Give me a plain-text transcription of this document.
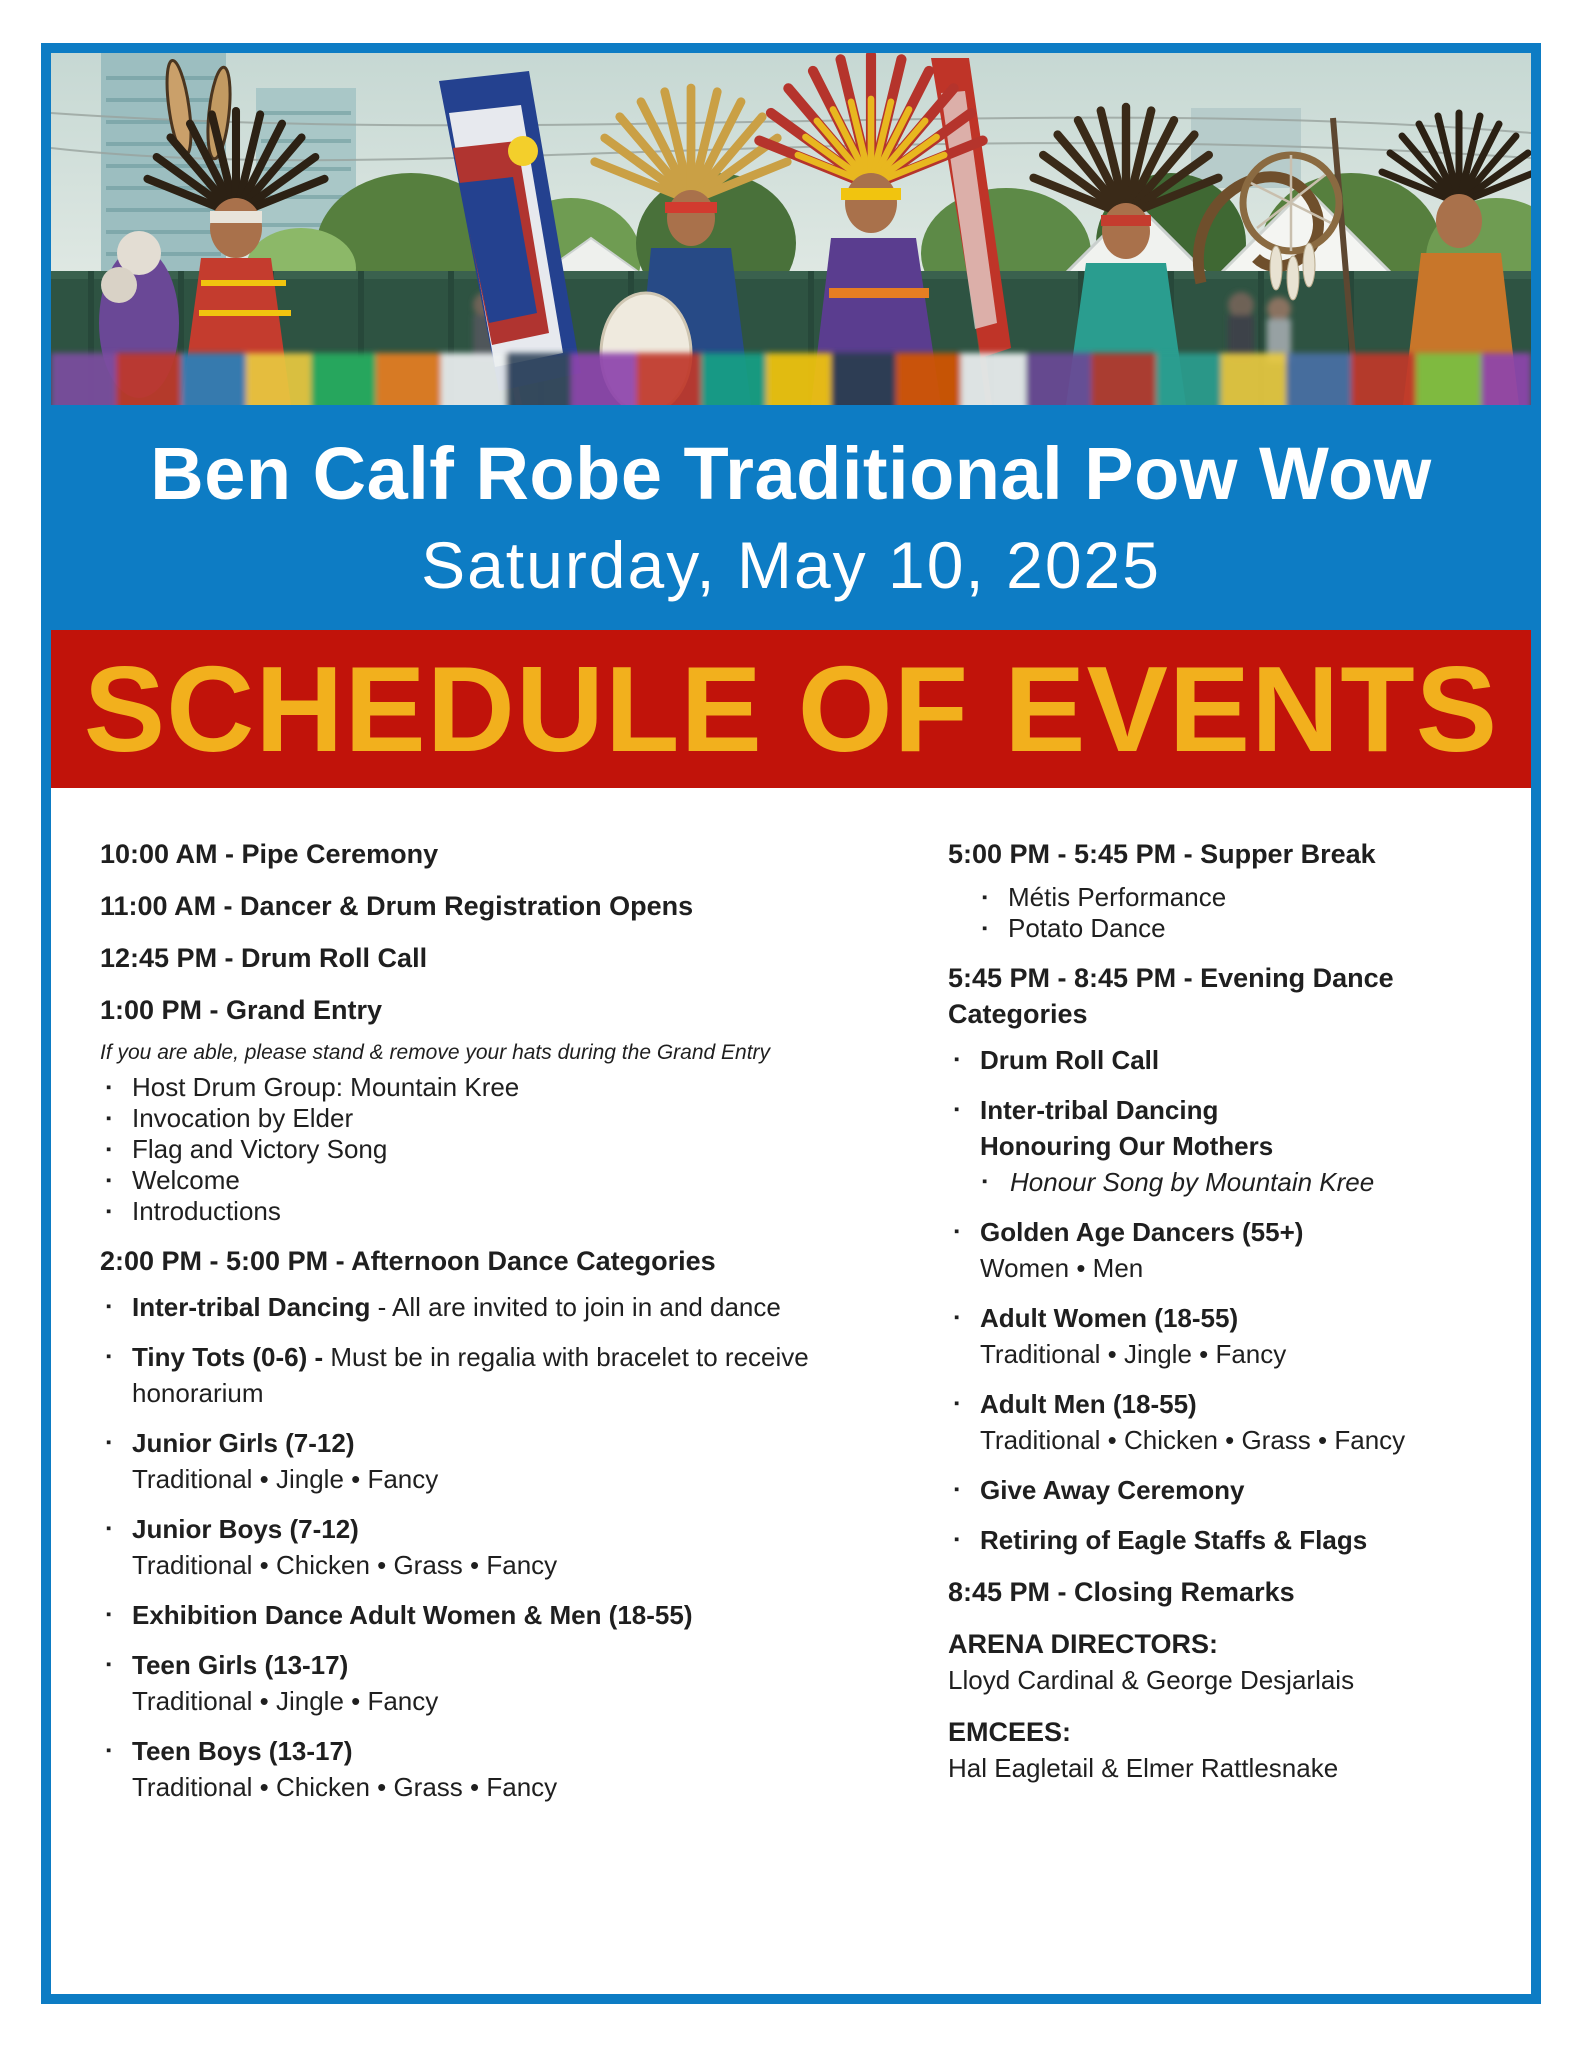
Ben Calf Robe Traditional Pow Wow
Saturday, May 10, 2025
SCHEDULE OF EVENTS
10:00 AM - Pipe Ceremony
11:00 AM - Dancer & Drum Registration Opens
12:45 PM - Drum Roll Call
1:00 PM - Grand Entry
If you are able, please stand & remove your hats during the Grand Entry
▪ Host Drum Group: Mountain Kree
▪ Invocation by Elder
▪ Flag and Victory Song
▪ Welcome
▪ Introductions
2:00 PM - 5:00 PM - Afternoon Dance Categories
▪ Inter-tribal Dancing - All are invited to join in and dance
▪ Tiny Tots (0-6) - Must be in regalia with bracelet to receive honorarium
▪ Junior Girls (7-12)
Traditional • Jingle • Fancy
▪ Junior Boys (7-12)
Traditional • Chicken • Grass • Fancy
▪ Exhibition Dance Adult Women & Men (18-55)
▪ Teen Girls (13-17)
Traditional • Jingle • Fancy
▪ Teen Boys (13-17)
Traditional • Chicken • Grass • Fancy
5:00 PM - 5:45 PM - Supper Break
▪ Métis Performance
▪ Potato Dance
5:45 PM - 8:45 PM - Evening Dance Categories
▪ Drum Roll Call
▪ Inter-tribal Dancing
Honouring Our Mothers
▪ Honour Song by Mountain Kree
▪ Golden Age Dancers (55+)
Women • Men
▪ Adult Women (18-55)
Traditional • Jingle • Fancy
▪ Adult Men (18-55)
Traditional • Chicken • Grass • Fancy
▪ Give Away Ceremony
▪ Retiring of Eagle Staffs & Flags
8:45 PM - Closing Remarks
ARENA DIRECTORS:
Lloyd Cardinal & George Desjarlais
EMCEES:
Hal Eagletail & Elmer Rattlesnake
